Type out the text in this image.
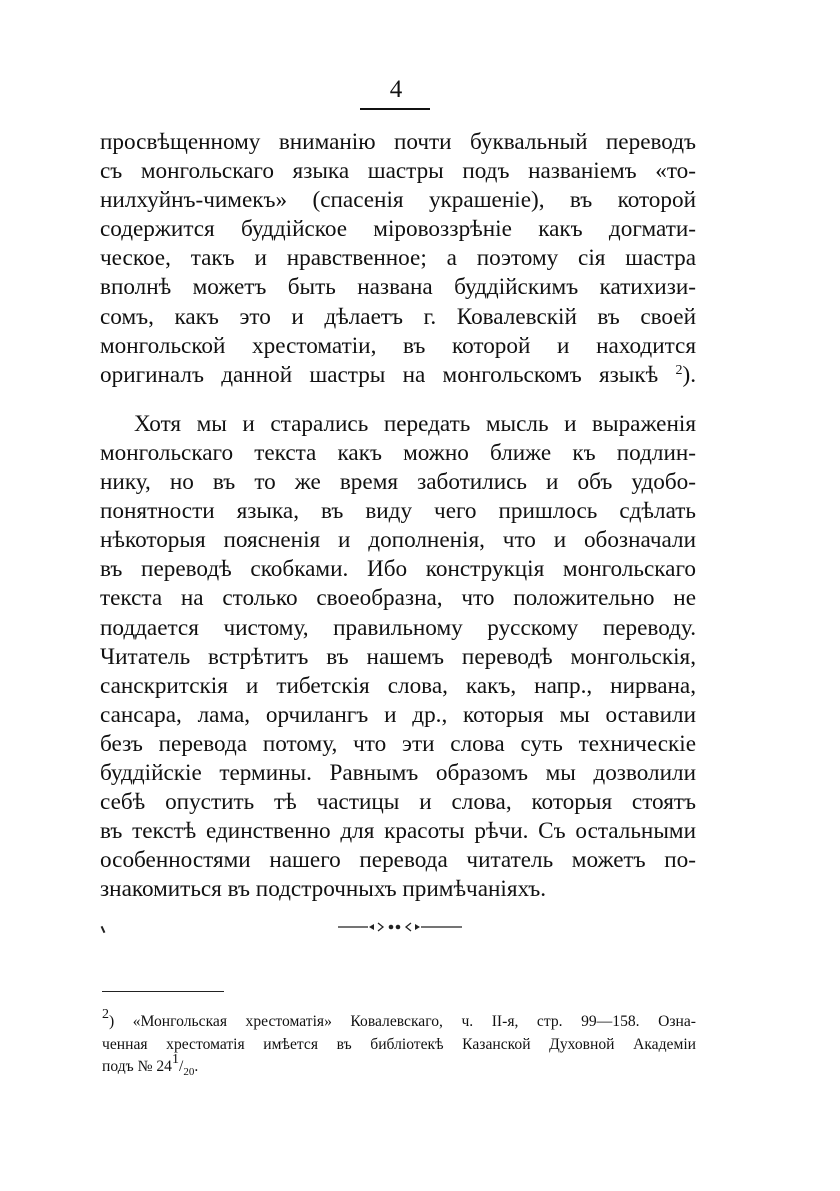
4
просвѣщенному вниманію почти буквальный переводъ
съ монгольскаго языка шастры подъ названіемъ «то-
нилхуйнъ-чимекъ» (спасенія украшеніе), въ которой
содержится буддійское міровоззрѣніе какъ догмати-
ческое, такъ и нравственное; а поэтому сія шастра
вполнѣ можетъ быть названа буддійскимъ катихизи-
сомъ, какъ это и дѣлаетъ г. Ковалевскій въ своей
монгольской хрестоматіи, въ которой и находится
оригиналъ данной шастры на монгольскомъ языкѣ $^2$).
Хотя мы и старались передать мысль и выраженія
монгольскаго текста какъ можно ближе къ подлин-
нику, но въ то же время заботились и объ удобо-
понятности языка, въ виду чего пришлось сдѣлать
нѣкоторыя поясненія и дополненія, что и обозначали
въ переводѣ скобками. Ибо конструкція монгольскаго
текста на столько своеобразна, что положительно не
поддается чистому, правильному русскому переводу.
Читатель встрѣтитъ въ нашемъ переводѣ монгольскія,
санскритскія и тибетскія слова, какъ, напр., нирвана,
сансара, лама, орчилангъ и др., которыя мы оставили
безъ перевода потому, что эти слова суть техническіе
буддійскіе термины. Равнымъ образомъ мы дозволили
себѣ опустить тѣ частицы и слова, которыя стоятъ
въ текстѣ единственно для красоты рѣчи. Съ остальными
особенностями нашего перевода читатель можетъ по-
знакомиться въ подстрочныхъ примѣчаніяхъ.
$^2$) «Монгольская хрестоматія» Ковалевскаго, ч. II-я, стр. 99—158. Озна-
ченная хрестоматія имѣется въ библіотекѣ Казанской Духовной Академіи
подъ № $24^1/_{20}$.
